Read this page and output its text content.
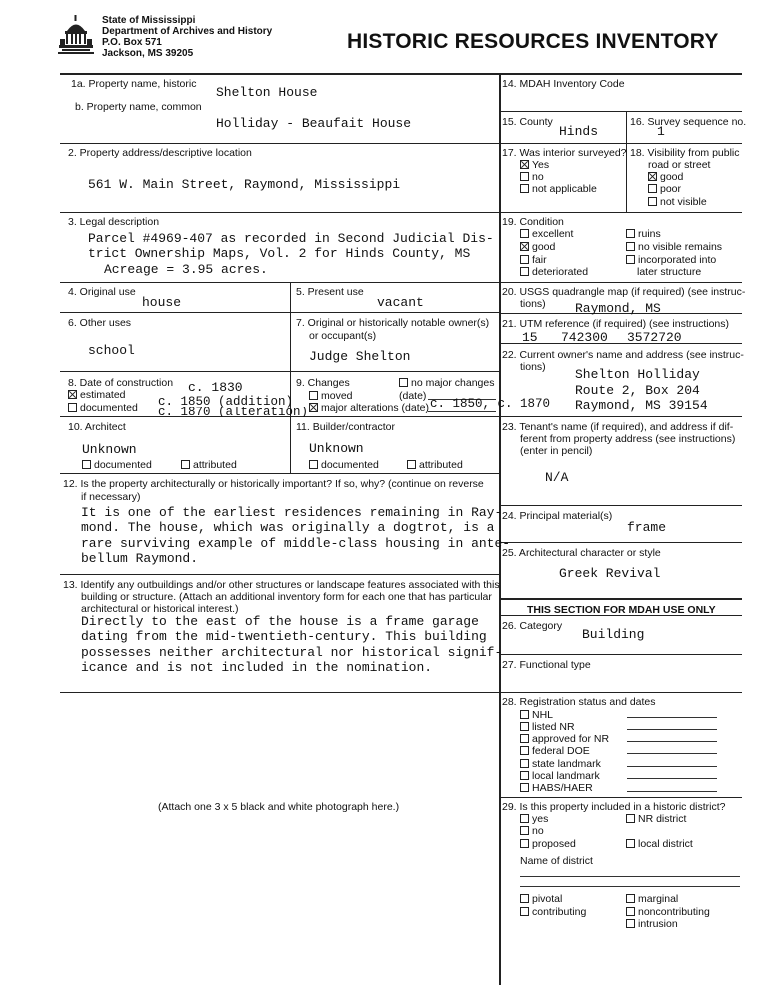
State of Mississippi
Department of Archives and History
P.O. Box 571
Jackson, MS 39205
HISTORIC RESOURCES INVENTORY
1a. Property name, historic
Shelton House
b. Property name, common
Holliday - Beaufait House
2. Property address/descriptive location
561 W. Main Street, Raymond, Mississippi
3. Legal description
Parcel #4969-407 as recorded in Second Judicial Dis-
trict Ownership Maps, Vol. 2 for Hinds County, MS
Acreage = 3.95 acres.
4. Original use
house
5. Present use
vacant
6. Other uses
school
7. Original or historically notable owner(s)
or occupant(s)
Judge Shelton
8. Date of construction c. 1830
estimated
documented c. 1850 (addition)
c. 1870 (alteration)
9. Changes	no major changes
moved	(date)
major alterations (date) c. 1850, c. 1870
10. Architect
Unknown
documented	attributed
11. Builder/contractor
Unknown
documented	attributed
12. Is the property architecturally or historically important? If so, why? (continue on reverse
if necessary)
It is one of the earliest residences remaining in Ray-
mond. The house, which was originally a dogtrot, is a
rare surviving example of middle-class housing in ante-
bellum Raymond.
13. Identify any outbuildings and/or other structures or landscape features associated with this
building or structure. (Attach an additional inventory form for each one that has particular
architectural or historical interest.)
Directly to the east of the house is a frame garage
dating from the mid-twentieth-century. This building
possesses neither architectural nor historical signif-
icance and is not included in the nomination.
(Attach one 3 x 5 black and white photograph here.)
14. MDAH Inventory Code
15. County
Hinds
16. Survey sequence no.
1
17. Was interior surveyed?
Yes
no
not applicable
18. Visibility from public
road or street
good
poor
not visible
19. Condition
excellent
good
fair
deteriorated
ruins
no visible remains
incorporated into
later structure
20. USGS quadrangle map (if required) (see instruc-
tions) Raymond, MS
21. UTM reference (if required) (see instructions)
15 742300 3572720
22. Current owner's name and address (see instruc-
tions) Shelton Holliday
Route 2, Box 204
Raymond, MS 39154
23. Tenant's name (if required), and address if dif-
ferent from property address (see instructions)
(enter in pencil)
N/A
24. Principal material(s)
frame
25. Architectural character or style
Greek Revival
THIS SECTION FOR MDAH USE ONLY
26. Category
Building
27. Functional type
28. Registration status and dates
NHL
listed NR
approved for NR
federal DOE
state landmark
local landmark
HABS/HAER
29. Is this property included in a historic district?
yes	NR district
no
proposed	local district
Name of district
pivotal	marginal
contributing	noncontributing
intrusion
